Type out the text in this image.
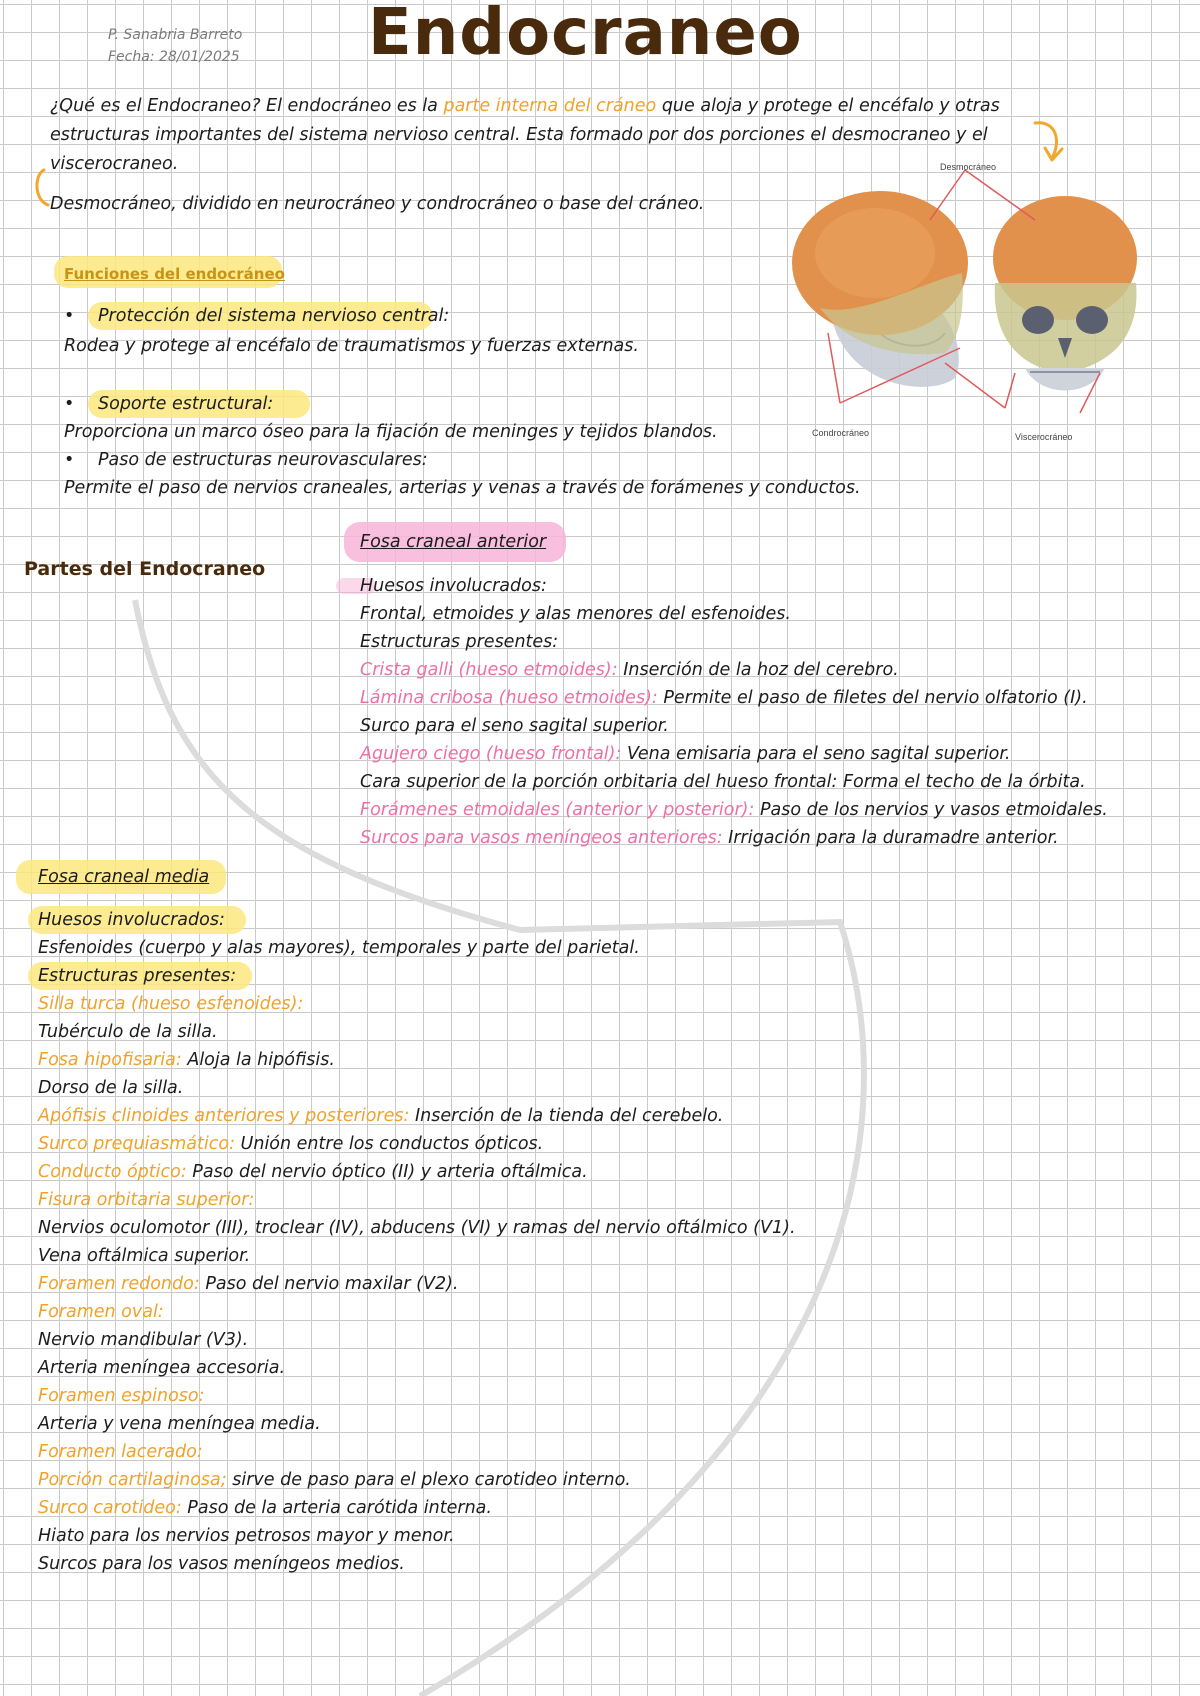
P. Sanabria Barreto
Fecha: 28/01/2025 Endocraneo
¿Qué es el Endocraneo? El endocráneo es la parte interna del cráneo que aloja y protege el encéfalo y otras
estructuras importantes del sistema nervioso central. Esta formado por dos porciones el desmocraneo y el
viscerocraneo.
Desmocráneo, dividido en neurocráneo y condrocráneo o base del cráneo.
Desmocráneo
Condrocráneo	Viscerocráneo
Funciones del endocráneo
• Protección del sistema nervioso central:
Rodea y protege al encéfalo de traumatismos y fuerzas externas.
• Soporte estructural:
Proporciona un marco óseo para la fijación de meninges y tejidos blandos.
• Paso de estructuras neurovasculares:
Permite el paso de nervios craneales, arterias y venas a través de forámenes y conductos.
Partes del Endocraneo
Fosa craneal anterior
Huesos involucrados:
Frontal, etmoides y alas menores del esfenoides.
Estructuras presentes:
Crista galli (hueso etmoides): Inserción de la hoz del cerebro.
Lámina cribosa (hueso etmoides): Permite el paso de filetes del nervio olfatorio (I).
Surco para el seno sagital superior.
Agujero ciego (hueso frontal): Vena emisaria para el seno sagital superior.
Cara superior de la porción orbitaria del hueso frontal: Forma el techo de la órbita.
Forámenes etmoidales (anterior y posterior): Paso de los nervios y vasos etmoidales.
Surcos para vasos meníngeos anteriores: Irrigación para la duramadre anterior.
Fosa craneal media
Huesos involucrados:
Esfenoides (cuerpo y alas mayores), temporales y parte del parietal.
Estructuras presentes:
Silla turca (hueso esfenoides):
Tubérculo de la silla.
Fosa hipofisaria: Aloja la hipófisis.
Dorso de la silla.
Apófisis clinoides anteriores y posteriores: Inserción de la tienda del cerebelo.
Surco prequiasmático: Unión entre los conductos ópticos.
Conducto óptico: Paso del nervio óptico (II) y arteria oftálmica.
Fisura orbitaria superior:
Nervios oculomotor (III), troclear (IV), abducens (VI) y ramas del nervio oftálmico (V1).
Vena oftálmica superior.
Foramen redondo: Paso del nervio maxilar (V2).
Foramen oval:
Nervio mandibular (V3).
Arteria meníngea accesoria.
Foramen espinoso:
Arteria y vena meníngea media.
Foramen lacerado:
Porción cartilaginosa; sirve de paso para el plexo carotideo interno.
Surco carotideo: Paso de la arteria carótida interna.
Hiato para los nervios petrosos mayor y menor.
Surcos para los vasos meníngeos medios.
